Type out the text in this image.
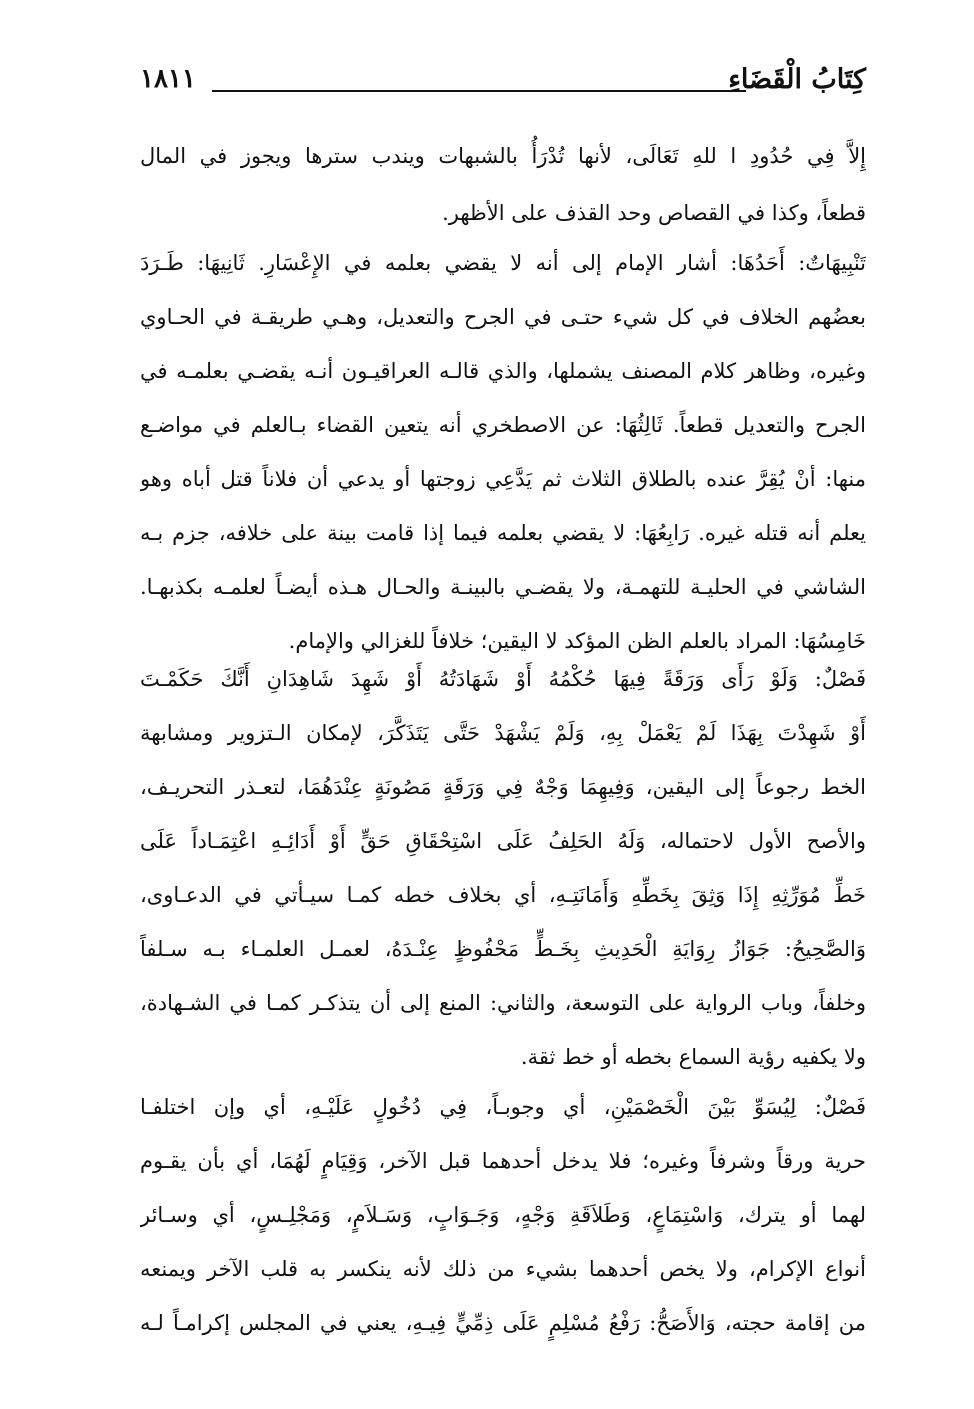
كِتَابُ الْقَضَاءِ
١٨١١
إِلاَّ فِي حُدُودِ ا للهِ تَعَالَى، لأنها تُدْرَأُ بالشبهات ويندب سترها ويجوز في المال
قطعاً، وكذا في القصاص وحد القذف على الأظهر.
تَنْبِيهَاتٌ: أَحَدُهَا: أشار الإمام إلى أنه لا يقضي بعلمه في الإِعْسَارِ. ثَانِيهَا: طَـرَدَ
بعضُهم الخلاف في كل شيء حتـى في الجرح والتعديل، وهـي طريقـة في الحـاوي
وغيره، وظاهر كلام المصنف يشملها، والذي قالـه العراقيـون أنـه يقضـي بعلمـه في
الجرح والتعديل قطعاً. ثَالِثُهَا: عن الاصطخري أنه يتعين القضاء بـالعلم في مواضـع
منها: أنْ يُقِرَّ عنده بالطلاق الثلاث ثم يَدَّعِي زوجتها أو يدعي أن فلاناً قتل أباه وهو
يعلم أنه قتله غيره. رَابِعُهَا: لا يقضي بعلمه فيما إذا قامت بينة على خلافه، جزم بـه
الشاشي في الحليـة للتهمـة، ولا يقضـي بالبينـة والحـال هـذه أيضـاً لعلمـه بكذبهـا.
خَامِسُهَا: المراد بالعلم الظن المؤكد لا اليقين؛ خلافاً للغزالي والإمام.
فَصْلٌ: وَلَوْ رَأَى وَرَقَةً فِيهَا حُكْمُهُ أَوْ شَهَادَتُهُ أَوْ شَهِدَ شَاهِدَانِ أَنَّكَ حَكَمْـتَ
أَوْ شَهِدْتَ بِهَذَا لَمْ يَعْمَلْ بِهِ، وَلَمْ يَشْهَدْ حَتَّى يَتَذَكَّرَ، لإمكان الـتزوير ومشابهة
الخط رجوعاً إلى اليقين، وَفِيهِمَا وَجْهٌ فِي وَرَقَةٍ مَصُونَةٍ عِنْدَهُمَا، لتعـذر التحريـف،
والأصح الأول لاحتماله، وَلَهُ الحَلِفُ عَلَى اسْتِحْقَاقِ حَقٍّ أَوْ أَدَائِـهِ اعْتِمَـاداً عَلَى
خَطِّ مُوَرِّثِهِ إِذَا وَثِقَ بِخَطِّهِ وَأَمَانَتِـهِ، أي بخلاف خطه كمـا سيـأتي في الدعـاوى،
وَالصَّحِيحُ: جَوَازُ رِوَايَةِ الْحَدِيثِ بِخَـطٍّ مَحْفُوظٍ عِنْـدَهُ، لعمـل العلمـاء بـه سـلفاً
وخلفاً، وباب الرواية على التوسعة، والثاني: المنع إلى أن يتذكـر كمـا في الشـهادة،
ولا يكفيه رؤية السماع بخطه أو خط ثقة.
فَصْلٌ: لِيُسَوِّ بَيْنَ الْخَصْمَيْنِ، أي وجوبـاً، فِي دُخُولٍ عَلَيْـهِ، أي وإن اختلفـا
حرية ورقاً وشرفاً وغيره؛ فلا يدخل أحدهما قبل الآخر، وَقِيَامٍ لَهُمَا، أي بأن يقـوم
لهما أو يترك، وَاسْتِمَاعٍ، وَطَلاَقَةِ وَجْهٍ، وَجَـوَابٍ، وَسَـلاَمٍ، وَمَجْلِـسٍ، أي وسـائر
أنواع الإكرام، ولا يخص أحدهما بشيء من ذلك لأنه ينكسر به قلب الآخر ويمنعه
من إقامة حجته، وَالأَصَحُّ: رَفْعُ مُسْلِمٍ عَلَى ذِمِّيٍّ فِيـهِ، يعني في المجلس إكرامـاً لـه
